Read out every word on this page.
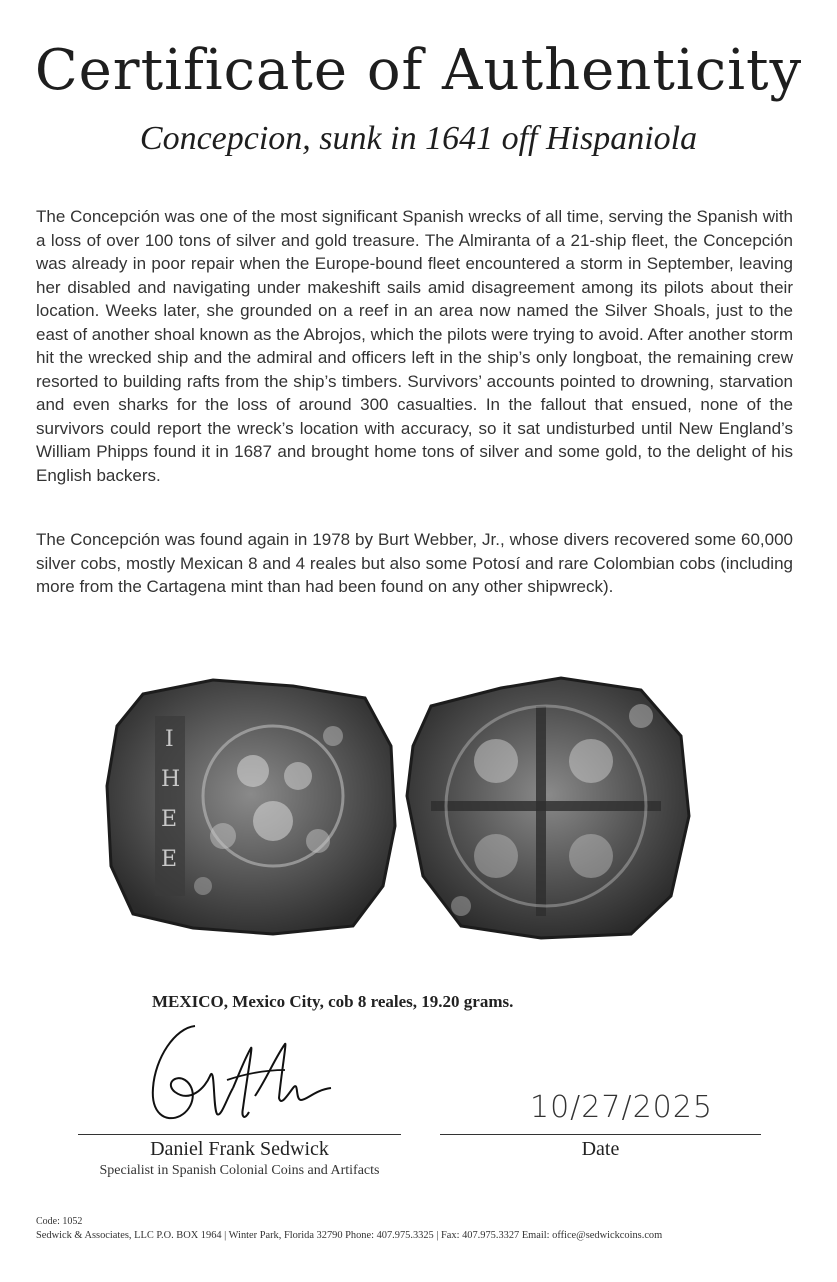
Certificate of Authenticity
Concepcion, sunk in 1641 off Hispaniola

The Concepción was one of the most significant Spanish wrecks of all time, serving the Spanish with a loss of over 100 tons of silver and gold treasure. The Almiranta of a 21-ship fleet, the Concepción was already in poor repair when the Europe-bound fleet encountered a storm in September, leaving her disabled and navigating under makeshift sails amid disagreement among its pilots about their location. Weeks later, she grounded on a reef in an area now named the Silver Shoals, just to the east of another shoal known as the Abrojos, which the pilots were trying to avoid. After another storm hit the wrecked ship and the admiral and officers left in the ship’s only longboat, the remaining crew resorted to building rafts from the ship’s timbers. Survivors’ accounts pointed to drowning, starvation and even sharks for the loss of around 300 casualties. In the fallout that ensued, none of the survivors could report the wreck’s location with accuracy, so it sat undisturbed until New England’s William Phipps found it in 1687 and brought home tons of silver and some gold, to the delight of his English backers.

The Concepción was found again in 1978 by Burt Webber, Jr., whose divers recovered some 60,000 silver cobs, mostly Mexican 8 and 4 reales but also some Potosí and rare Colombian cobs (including more from the Cartagena mint than had been found on any other shipwreck).

I
H
E
E
MEXICO, Mexico City, cob 8 reales, 19.20 grams.
10/27/2025
Daniel Frank Sedwick
Specialist in Spanish Colonial Coins and Artifacts
Date
Code: 1052
Sedwick & Associates, LLC P.O. BOX 1964 | Winter Park, Florida 32790 Phone: 407.975.3325 | Fax: 407.975.3327 Email: office@sedwickcoins.com
